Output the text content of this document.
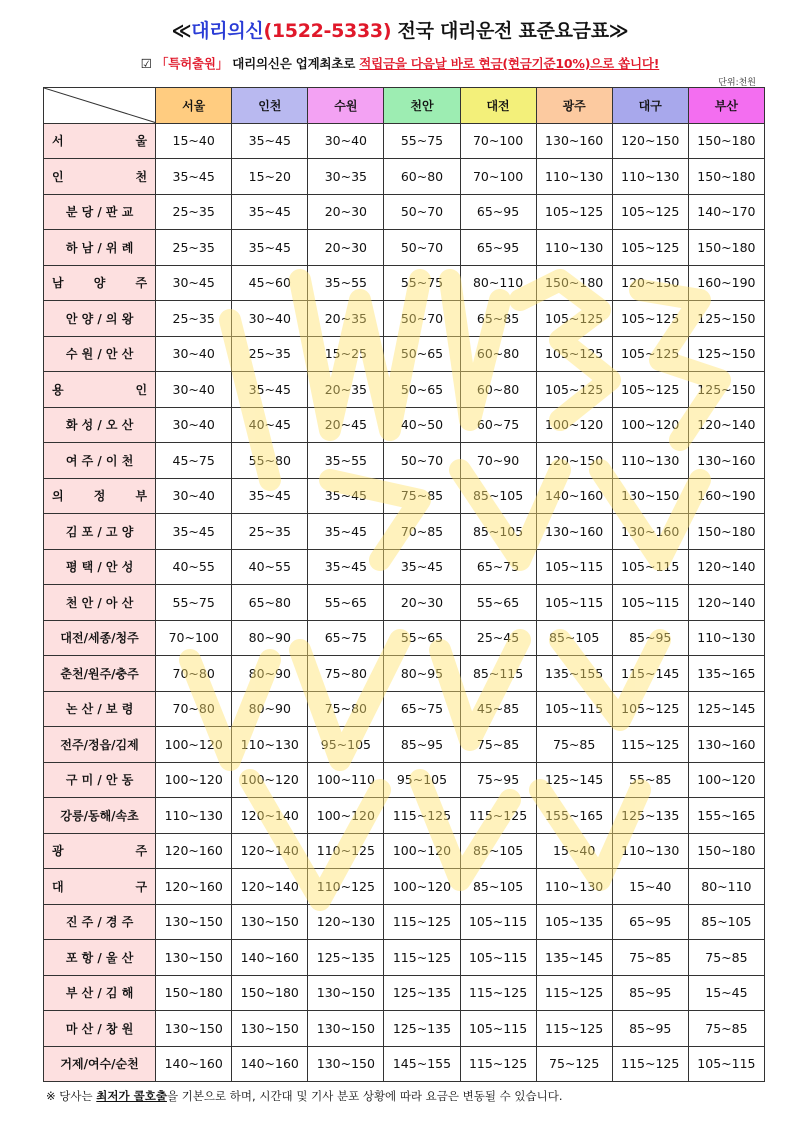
≪대리의신(1522-5333) 전국 대리운전 표준요금표≫
☑ 「특허출원」 대리의신은 업계최초로 적립금을 다음날 바로 현금(현금기준10%)으로 쏩니다!
단위:천원
	서울	인천	수원	천안	대전	광주	대구	부산

서 울	15~40	35~45	30~40	55~75	70~100	130~160	120~150	150~180

인 천	35~45	15~20	30~35	60~80	70~100	110~130	110~130	150~180

분 당 / 판 교	25~35	35~45	20~30	50~70	65~95	105~125	105~125	140~170

하 남 / 위 례	25~35	35~45	20~30	50~70	65~95	110~130	105~125	150~180

남 양 주	30~45	45~60	35~55	55~75	80~110	150~180	120~150	160~190

안 양 / 의 왕	25~35	30~40	20~35	50~70	65~85	105~125	105~125	125~150

수 원 / 안 산	30~40	25~35	15~25	50~65	60~80	105~125	105~125	125~150

용 인	30~40	35~45	20~35	50~65	60~80	105~125	105~125	125~150

화 성 / 오 산	30~40	40~45	20~45	40~50	60~75	100~120	100~120	120~140

여 주 / 이 천	45~75	55~80	35~55	50~70	70~90	120~150	110~130	130~160

의 정 부	30~40	35~45	35~45	75~85	85~105	140~160	130~150	160~190

김 포 / 고 양	35~45	25~35	35~45	70~85	85~105	130~160	130~160	150~180

평 택 / 안 성	40~55	40~55	35~45	35~45	65~75	105~115	105~115	120~140

천 안 / 아 산	55~75	65~80	55~65	20~30	55~65	105~115	105~115	120~140

대전/세종/청주	70~100	80~90	65~75	55~65	25~45	85~105	85~95	110~130

춘천/원주/충주	70~80	80~90	75~80	80~95	85~115	135~155	115~145	135~165

논 산 / 보 령	70~80	80~90	75~80	65~75	45~85	105~115	105~125	125~145

전주/정읍/김제	100~120	110~130	95~105	85~95	75~85	75~85	115~125	130~160

구 미 / 안 동	100~120	100~120	100~110	95~105	75~95	125~145	55~85	100~120

강릉/동해/속초	110~130	120~140	100~120	115~125	115~125	155~165	125~135	155~165

광 주	120~160	120~140	110~125	100~120	85~105	15~40	110~130	150~180

대 구	120~160	120~140	110~125	100~120	85~105	110~130	15~40	80~110

진 주 / 경 주	130~150	130~150	120~130	115~125	105~115	105~135	65~95	85~105

포 항 / 울 산	130~150	140~160	125~135	115~125	105~115	135~145	75~85	75~85

부 산 / 김 해	150~180	150~180	130~150	125~135	115~125	115~125	85~95	15~45

마 산 / 창 원	130~150	130~150	130~150	125~135	105~115	115~125	85~95	75~85

거제/여수/순천	140~160	140~160	130~150	145~155	115~125	75~125	115~125	105~115
※ 당사는 최저가 콜호출을 기본으로 하며, 시간대 및 기사 분포 상황에 따라 요금은 변동될 수 있습니다.
